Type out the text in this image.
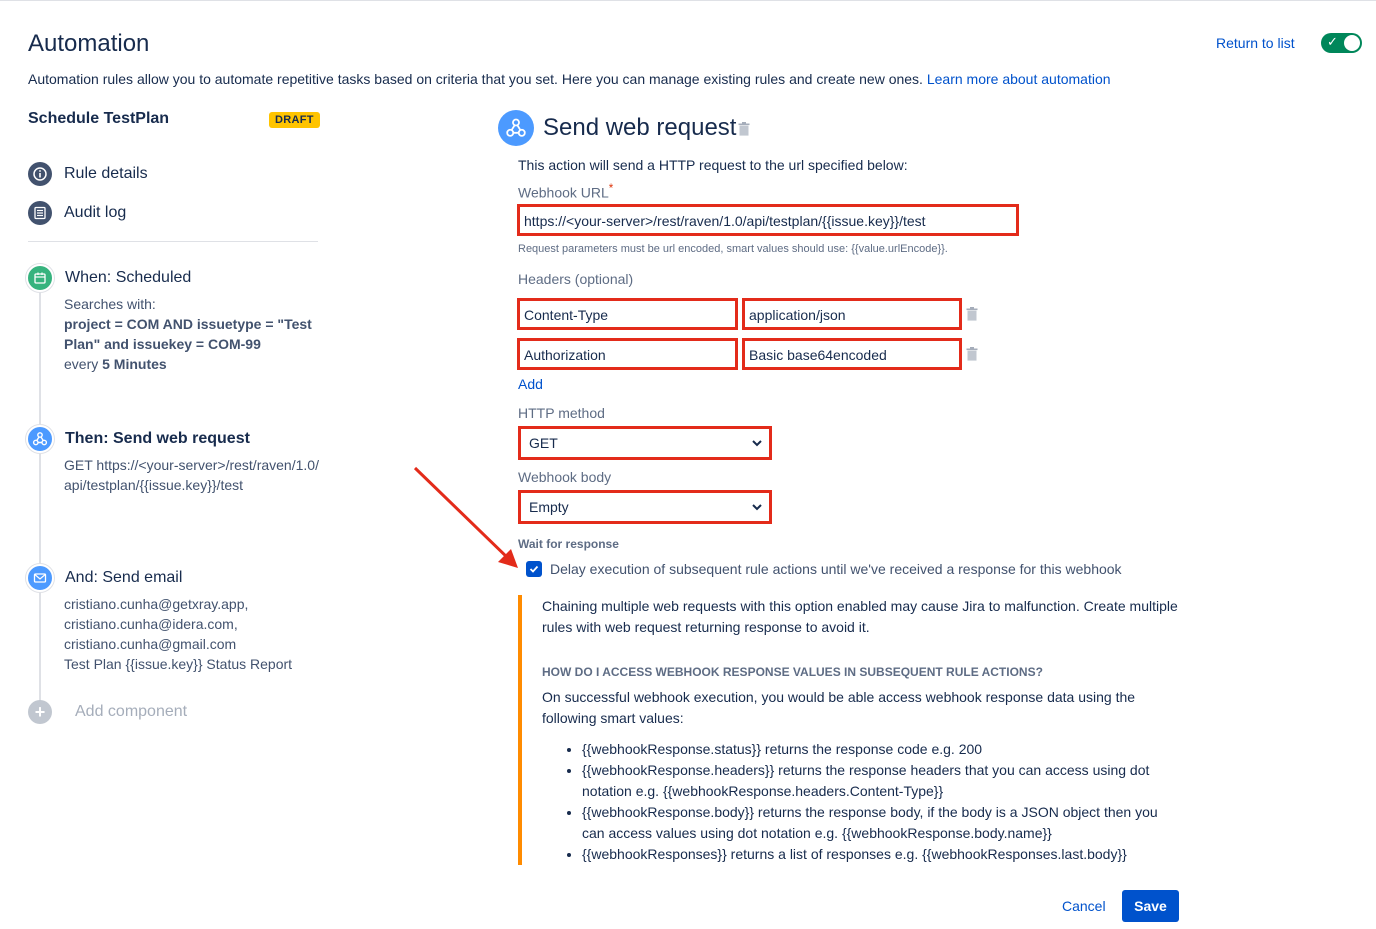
Automation

Automation rules allow you to automate repetitive tasks based on criteria that you set. Here you can manage existing rules and create new ones. Learn more about automation

Return to list ✓
Schedule TestPlan	DRAFT
Rule details
Audit log
When: Scheduled
Searches with:
project = COM AND issuetype = "Test Plan" and issuekey = COM-99
every 5 Minutes
Then: Send web request
GET https://<your-server>/rest/raven/1.0/api/testplan/{{issue.key}}/test
And: Send email
cristiano.cunha@getxray.app,
cristiano.cunha@idera.com,
cristiano.cunha@gmail.com
Test Plan {{issue.key}} Status Report
+	Add component
Send web request
This action will send a HTTP request to the url specified below:
Webhook URL*
https://<your-server>/rest/raven/1.0/api/testplan/{{issue.key}}/test
Request parameters must be url encoded, smart values should use: {{value.urlEncode}}.
Headers (optional)
Content-Type	application/json
Authorization	Basic base64encoded
Add
HTTP method
GET
Webhook body
Empty
Wait for response
Delay execution of subsequent rule actions until we've received a response for this webhook

Chaining multiple web requests with this option enabled may cause Jira to malfunction. Create multiple rules with web request returning response to avoid it.

HOW DO I ACCESS WEBHOOK RESPONSE VALUES IN SUBSEQUENT RULE ACTIONS?

On successful webhook execution, you would be able access webhook response data using the following smart values:

• {{webhookResponse.status}} returns the response code e.g. 200
• {{webhookResponse.headers}} returns the response headers that you can access using dot notation e.g. {{webhookResponse.headers.Content-Type}}
• {{webhookResponse.body}} returns the response body, if the body is a JSON object then you can access values using dot notation e.g. {{webhookResponse.body.name}}
• {{webhookResponses}} returns a list of responses e.g. {{webhookResponses.last.body}}
Cancel	Save
